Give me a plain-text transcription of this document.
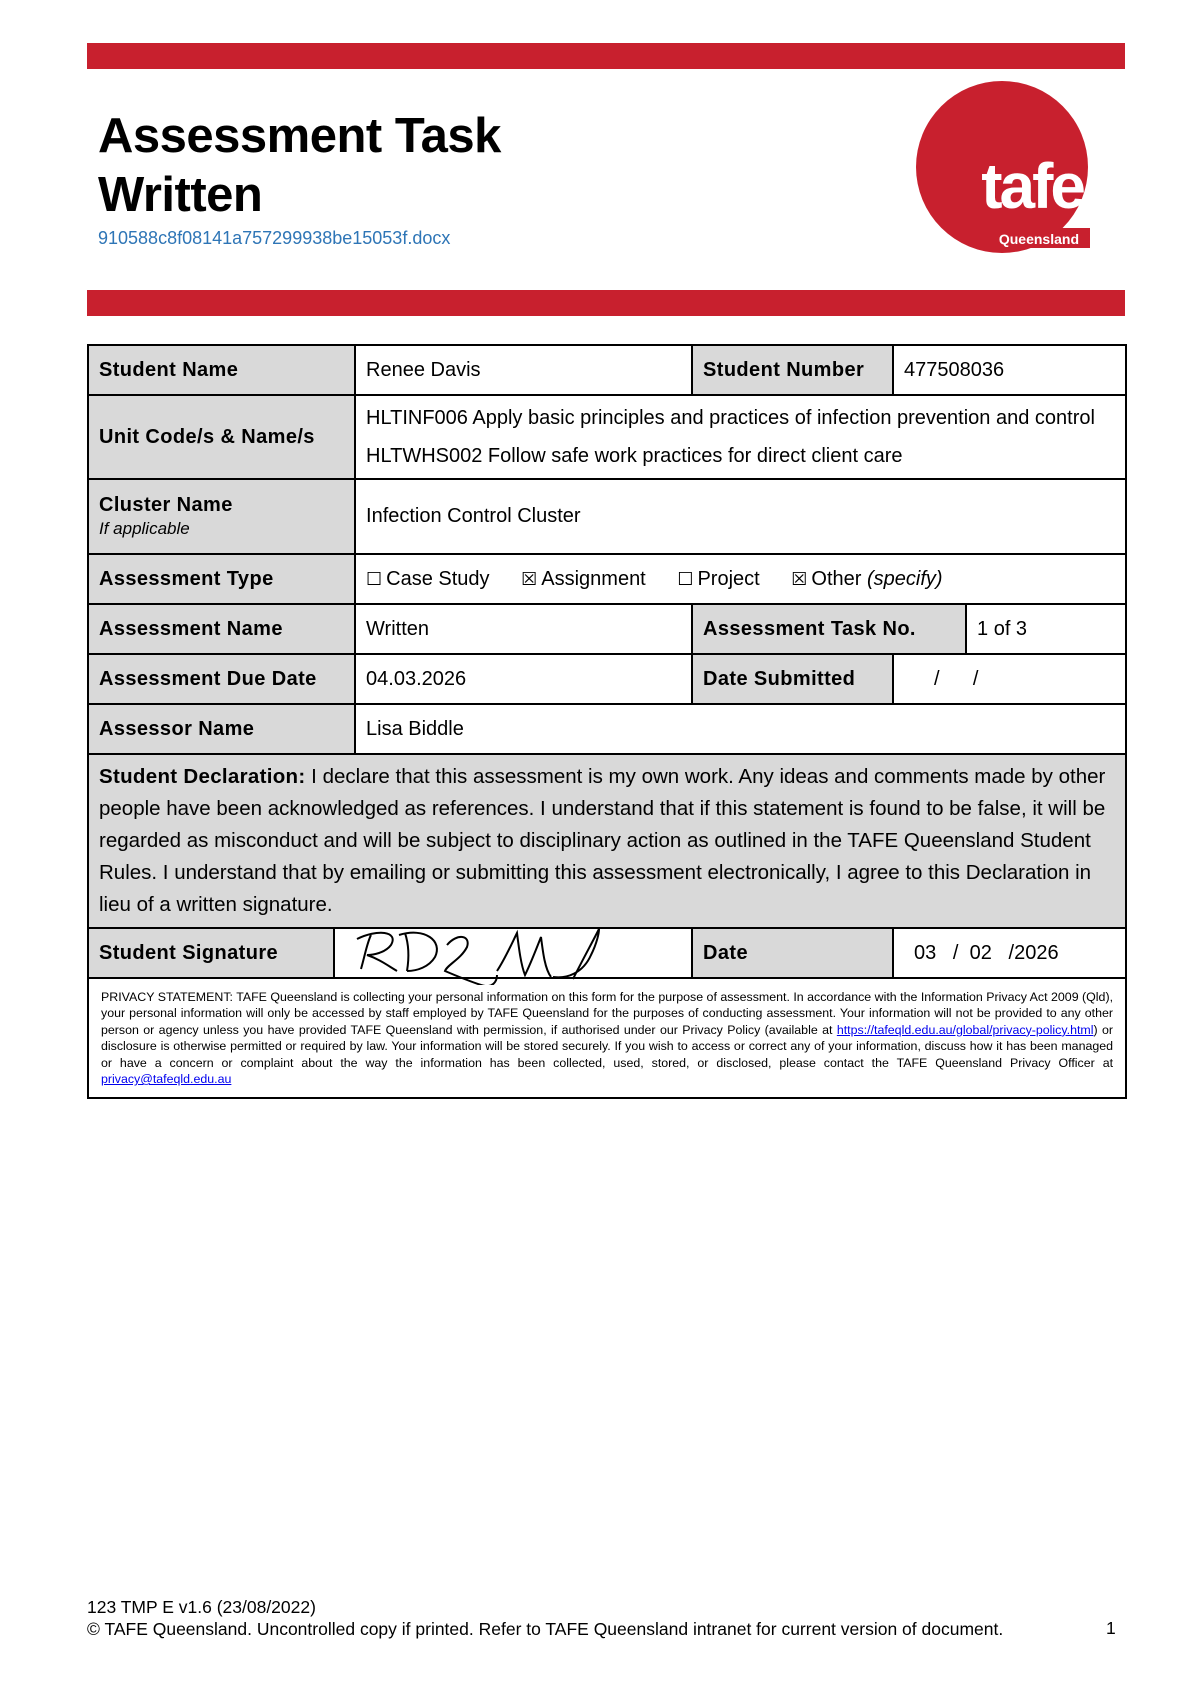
Assessment Task
Written
910588c8f08141a757299938be15053f.docx
tafe
Queensland
Student Name		Renee Davis	Student Number	477508036	
Unit Code/s & Name/s		HLTINF006 Apply basic principles and practices of infection prevention and control
HLTWHS002 Follow safe work practices for direct client care			

Cluster Name
If applicable		Infection Control Cluster			
Assessment Type		☐ Case Study ☒ Assignment ☐ Project ☒ Other (specify)			
Assessment Name		Written	Assessment Task No.		1 of 3
Assessment Due Date		04.03.2026	Date Submitted	/      /	
Assessor Name		Lisa Biddle			
Student Declaration: I declare that this assessment is my own work. Any ideas and comments made by other people have been acknowledged as references. I understand that if this statement is found to be false, it will be regarded as misconduct and will be subject to disciplinary action as outlined in the TAFE Queensland Student Rules. I understand that by emailing or submitting this assessment electronically, I agree to this Declaration in lieu of a written signature.					
Student Signature			Date	03   /  02   /2026	
PRIVACY STATEMENT: TAFE Queensland is collecting your personal information on this form for the purpose of assessment. In accordance with the Information Privacy Act 2009 (Qld), your personal information will only be accessed by staff employed by TAFE Queensland for the purposes of conducting assessment. Your information will not be provided to any other person or agency unless you have provided TAFE Queensland with permission, if authorised under our Privacy Policy (available at https://tafeqld.edu.au/global/privacy-policy.html) or disclosure is otherwise permitted or required by law. Your information will be stored securely. If you wish to access or correct any of your information, discuss how it has been managed or have a concern or complaint about the way the information has been collected, used, stored, or disclosed, please contact the TAFE Queensland Privacy Officer at privacy@tafeqld.edu.au					
123 TMP E v1.6 (23/08/2022)
© TAFE Queensland. Uncontrolled copy if printed. Refer to TAFE Queensland intranet for current version of document.	1
